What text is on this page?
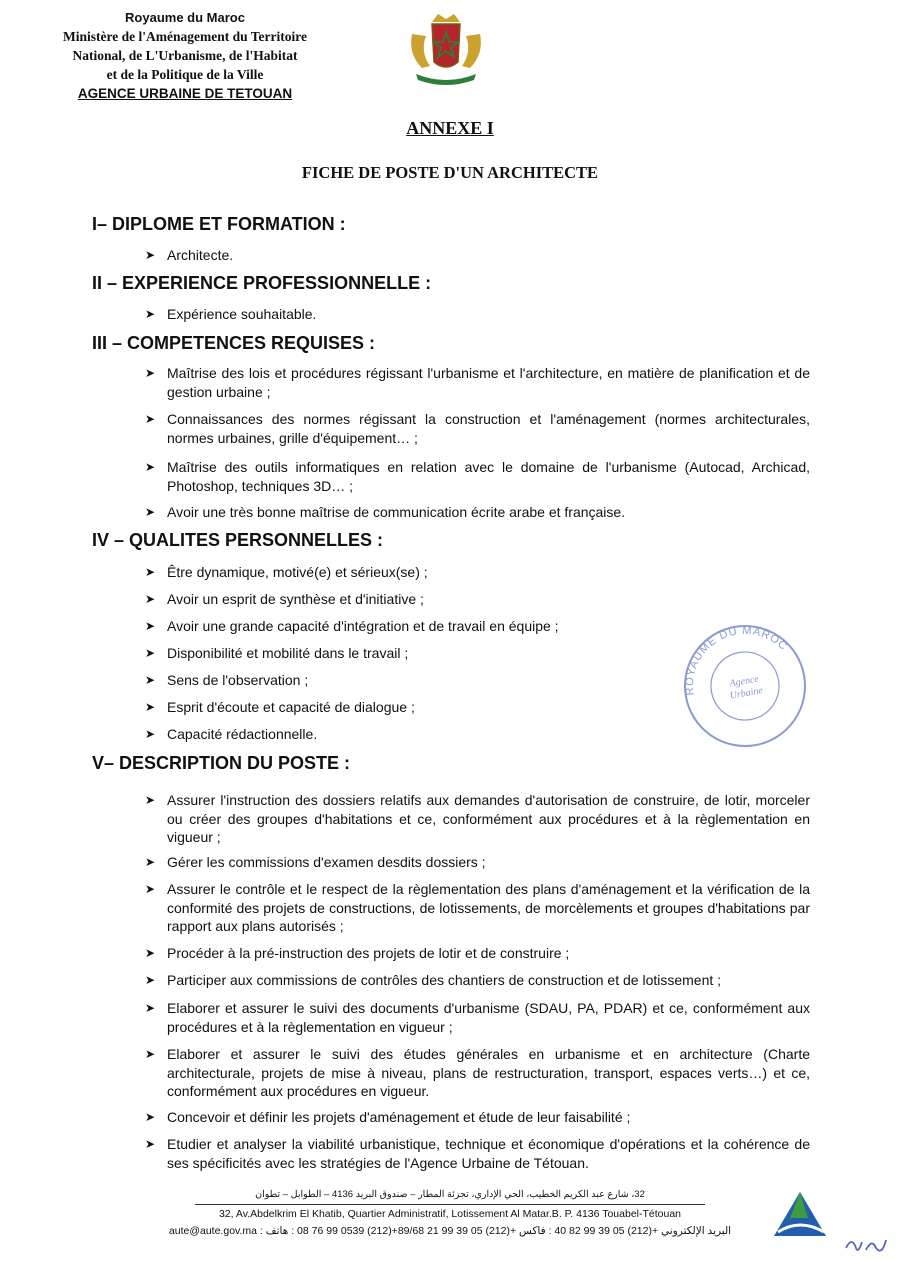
Royaume du Maroc
Ministère de l'Aménagement du Territoire
National, de L'Urbanisme, de l'Habitat
et de la Politique de la Ville
AGENCE URBAINE DE TETOUAN
ANNEXE I
FICHE DE POSTE D'UN ARCHITECTE
I– DIPLOME ET FORMATION :
➤ Architecte.
II – EXPERIENCE PROFESSIONNELLE :
➤ Expérience souhaitable.
III – COMPETENCES REQUISES :
➤ Maîtrise des lois et procédures régissant l'urbanisme et l'architecture, en matière de planification et de gestion urbaine ;
➤ Connaissances des normes régissant la construction et l'aménagement (normes architecturales, normes urbaines, grille d'équipement… ;
➤ Maîtrise des outils informatiques en relation avec le domaine de l'urbanisme (Autocad, Archicad, Photoshop, techniques 3D… ;
➤ Avoir une très bonne maîtrise de communication écrite arabe et française.
IV – QUALITES PERSONNELLES :
➤ Être dynamique, motivé(e) et sérieux(se) ;
➤ Avoir un esprit de synthèse et d'initiative ;
➤ Avoir une grande capacité d'intégration et de travail en équipe ;
➤ Disponibilité et mobilité dans le travail ;
➤ Sens de l'observation ;
➤ Esprit d'écoute et capacité de dialogue ;
➤ Capacité rédactionnelle.
V– DESCRIPTION DU POSTE :
➤ Assurer l'instruction des dossiers relatifs aux demandes d'autorisation de construire, de lotir, morceler ou créer des groupes d'habitations et ce, conformément aux procédures et à la règlementation en vigueur ;
➤ Gérer les commissions d'examen desdits dossiers ;
➤ Assurer le contrôle et le respect de la règlementation des plans d'aménagement et la vérification de la conformité des projets de constructions, de lotissements, de morcèlements et groupes d'habitations par rapport aux plans autorisés ;
➤ Procéder à la pré-instruction des projets de lotir et de construire ;
➤ Participer aux commissions de contrôles des chantiers de construction et de lotissement ;
➤ Elaborer et assurer le suivi des documents d'urbanisme (SDAU, PA, PDAR) et ce, conformément aux procédures et à la règlementation en vigueur ;
➤ Elaborer et assurer le suivi des études générales en urbanisme et en architecture (Charte architecturale, projets de mise à niveau, plans de restructuration, transport, espaces verts…) et ce, conformément aux procédures en vigueur.
➤ Concevoir et définir les projets d'aménagement et étude de leur faisabilité ;
➤ Etudier et analyser la viabilité urbanistique, technique et économique d'opérations et la cohérence de ses spécificités avec les stratégies de l'Agence Urbaine de Tétouan.
ROYAUME DU MAROC
Agence
Urbaine
32، شارع عبد الكريم الخطيب، الحي الإداري، تجزئة المطار – صندوق البريد 4136 – الطوابل – تطوان
32, Av.Abdelkrim El Khatib, Quartier Administratif, Lotissement Al Matar.B. P. 4136 Touabel-Tétouan
aute@aute.gov.ma : البريد الإلكتروني +(212) 05 39 99 82 40 : فاكس +(212) 05 39 99 21 89/68+(212) 0539 99 76 08 : هاتف
